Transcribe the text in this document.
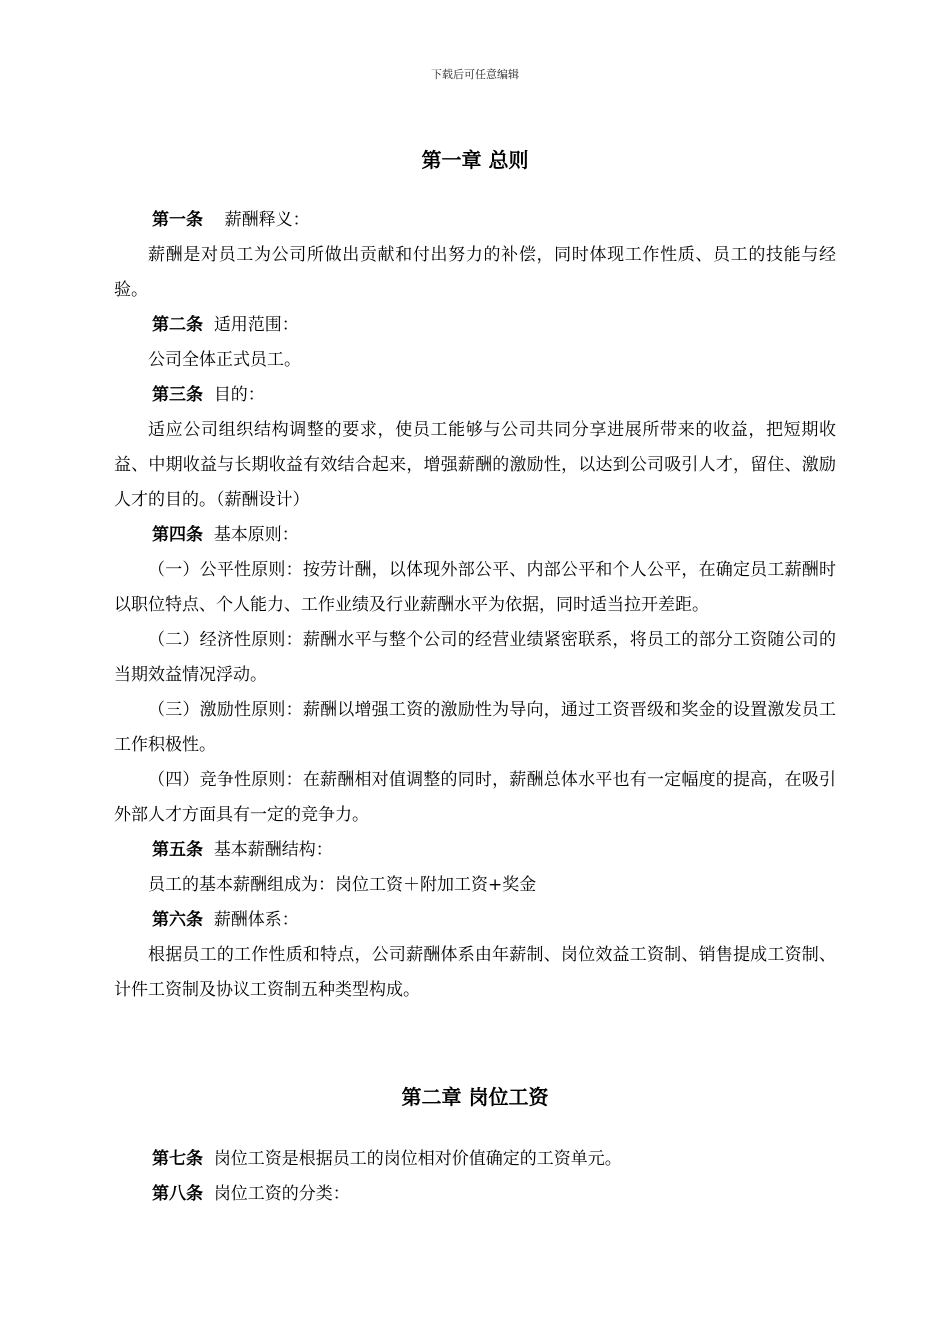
下载后可任意编辑
第一章 总则

第一条 薪酬释义：

薪酬是对员工为公司所做出贡献和付出努力的补偿，同时体现工作性质、员工的技能与经验。

第二条 适用范围：

公司全体正式员工。

第三条 目的：

适应公司组织结构调整的要求，使员工能够与公司共同分享进展所带来的收益，把短期收益、中期收益与长期收益有效结合起来，增强薪酬的激励性，以达到公司吸引人才，留住、激励人才的目的。（薪酬设计）

第四条 基本原则：

（一）公平性原则：按劳计酬，以体现外部公平、内部公平和个人公平，在确定员工薪酬时以职位特点、个人能力、工作业绩及行业薪酬水平为依据，同时适当拉开差距。

（二）经济性原则：薪酬水平与整个公司的经营业绩紧密联系，将员工的部分工资随公司的当期效益情况浮动。

（三）激励性原则：薪酬以增强工资的激励性为导向，通过工资晋级和奖金的设置激发员工工作积极性。

（四）竞争性原则：在薪酬相对值调整的同时，薪酬总体水平也有一定幅度的提高，在吸引外部人才方面具有一定的竞争力。

第五条 基本薪酬结构：

员工的基本薪酬组成为：岗位工资＋附加工资+奖金

第六条 薪酬体系：

根据员工的工作性质和特点，公司薪酬体系由年薪制、岗位效益工资制、销售提成工资制、计件工资制及协议工资制五种类型构成。

第二章 岗位工资

第七条 岗位工资是根据员工的岗位相对价值确定的工资单元。

第八条 岗位工资的分类：
